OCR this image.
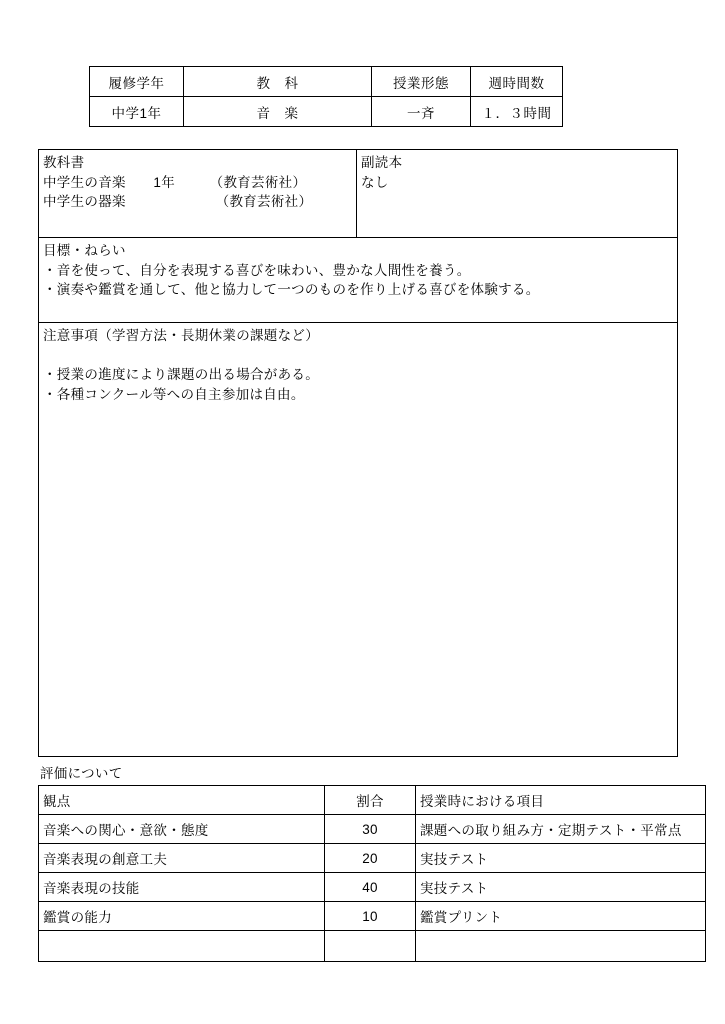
履修学年	教　科	授業形態	週時間数
中学1年	音　楽	一斉	１．３時間
教科書
中学生の音楽　　1年　　　（教育芸術社）
中学生の器楽　　　　　　　（教育芸術社）
副読本
なし
目標・ねらい
・音を使って、自分を表現する喜びを味わい、豊かな人間性を養う。
・演奏や鑑賞を通して、他と協力して一つのものを作り上げる喜びを体験する。
注意事項（学習方法・長期休業の課題など）
・授業の進度により課題の出る場合がある。
・各種コンクール等への自主参加は自由。
評価について
観点	割合	授業時における項目
音楽への関心・意欲・態度	30	課題への取り組み方・定期テスト・平常点
音楽表現の創意工夫	20	実技テスト
音楽表現の技能	40	実技テスト
鑑賞の能力	10	鑑賞プリント
